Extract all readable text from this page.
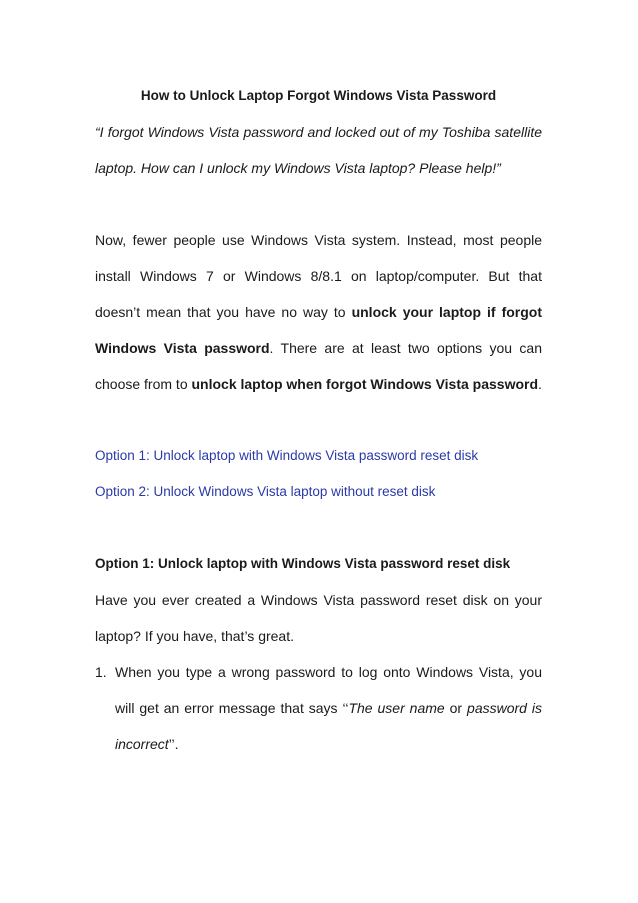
How to Unlock Laptop Forgot Windows Vista Password

“I forgot Windows Vista password and locked out of my Toshiba satellite laptop. How can I unlock my Windows Vista laptop? Please help!”

Now, fewer people use Windows Vista system. Instead, most people install Windows 7 or Windows 8/8.1 on laptop/computer. But that doesn’t mean that you have no way to unlock your laptop if forgot Windows Vista password. There are at least two options you can choose from to unlock laptop when forgot Windows Vista password.

Option 1: Unlock laptop with Windows Vista password reset disk
Option 2: Unlock Windows Vista laptop without reset disk

Option 1: Unlock laptop with Windows Vista password reset disk

Have you ever created a Windows Vista password reset disk on your laptop? If you have, that’s great.

1. When you type a wrong password to log onto Windows Vista, you will get an error message that says ‘‘The user name or password is incorrect’’.
